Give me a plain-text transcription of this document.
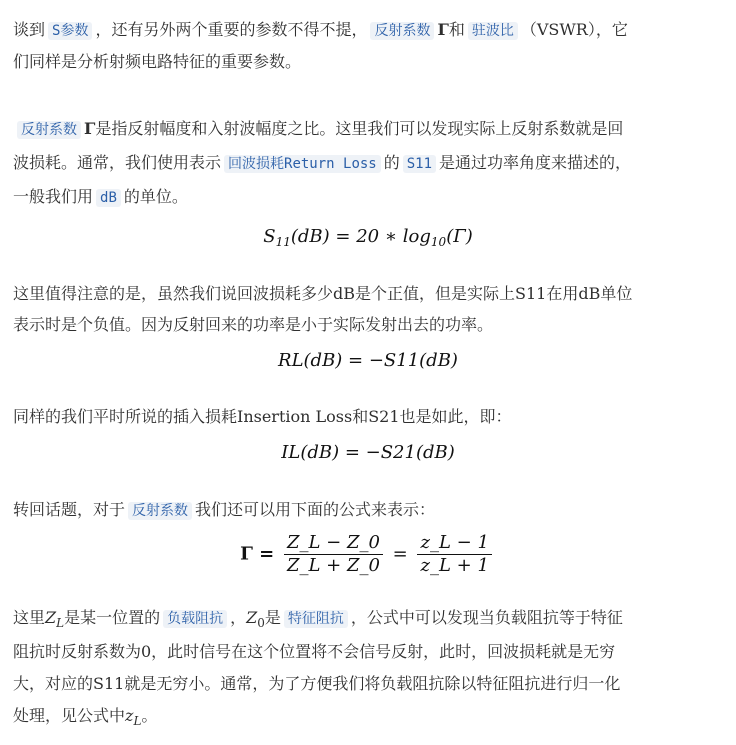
谈到 S参数 ，还有另外两个重要的参数不得不提， 反射系数 Γ和 驻波比 （VSWR），它
们同样是分析射频电路特征的重要参数。
反射系数 Γ是指反射幅度和入射波幅度之比。这里我们可以发现实际上反射系数就是回
波损耗。通常，我们使用表示 回波损耗Return Loss 的 S11 是通过功率角度来描述的，
一般我们用 dB 的单位。
$S_{11}(dB) = 20$ ∗ $\log_{10}(\Gamma)$
这里值得注意的是，虽然我们说回波损耗多少dB是个正值，但是实际上S11在用dB单位
表示时是个负值。因为反射回来的功率是小于实际发射出去的功率。
RL(dB) = −S11(dB)
同样的我们平时所说的插入损耗Insertion Loss和S21也是如此，即：
IL(dB) = −S21(dB)
转回话题，对于 反射系数 我们还可以用下面的公式来表示：
$\Gamma = \frac{Z\_L - Z\_0}{Z\_L + Z\_0} = \frac{z\_L - 1}{z\_L + 1}$
这里$Z_L$是某一位置的 负载阻抗 ，$Z_0$是 特征阻抗 ，公式中可以发现当负载阻抗等于特征
阻抗时反射系数为0，此时信号在这个位置将不会信号反射，此时，回波损耗就是无穷
大，对应的S11就是无穷小。通常，为了方便我们将负载阻抗除以特征阻抗进行归一化
处理，见公式中$z_L$。
